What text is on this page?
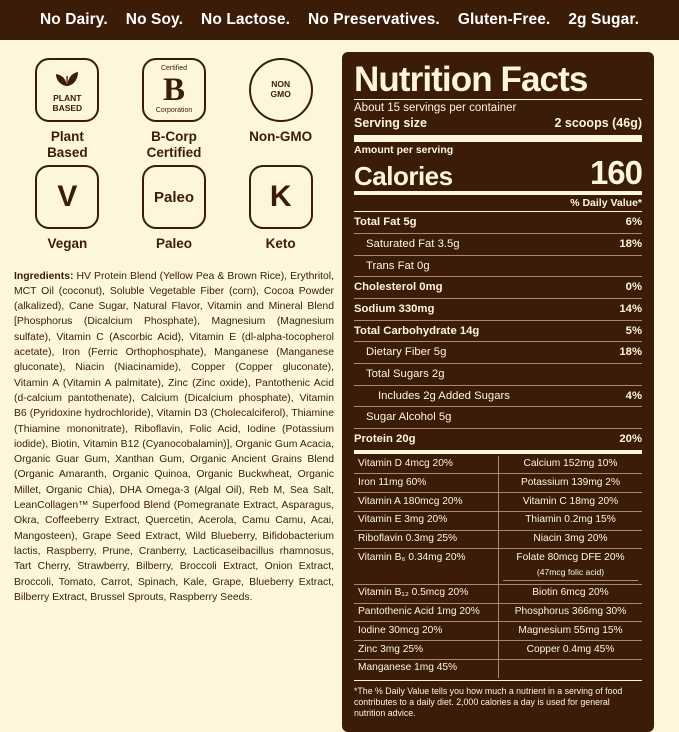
No Dairy. No Soy. No Lactose. No Preservatives. Gluten-Free. 2g Sugar.
PLANT
BASED
Plant
Based
Certified
B
Corporation
B-Corp
Certified
NON
GMO
Non-GMO
V
Vegan
Paleo
Paleo
K
Keto
Ingredients: HV Protein Blend (Yellow Pea & Brown Rice), Erythritol, MCT Oil (coconut), Soluble Vegetable Fiber (corn), Cocoa Powder (alkalized), Cane Sugar, Natural Flavor, Vitamin and Mineral Blend [Phosphorus (Dicalcium Phosphate), Magnesium (Magnesium sulfate), Vitamin C (Ascorbic Acid), Vitamin E (dl-alpha-tocopherol acetate), Iron (Ferric Orthophosphate), Manganese (Manganese gluconate), Niacin (Niacinamide), Copper (Copper gluconate), Vitamin A (Vitamin A palmitate), Zinc (Zinc oxide), Pantothenic Acid (d-calcium pantothenate), Calcium (Dicalcium phosphate), Vitamin B6 (Pyridoxine hydrochloride), Vitamin D3 (Cholecalciferol), Thiamine (Thiamine mononitrate), Riboflavin, Folic Acid, Iodine (Potassium iodide), Biotin, Vitamin B12 (Cyanocobalamin)], Organic Gum Acacia, Organic Guar Gum, Xanthan Gum, Organic Ancient Grains Blend (Organic Amaranth, Organic Quinoa, Organic Buckwheat, Organic Millet, Organic Chia), DHA Omega-3 (Algal Oil), Reb M, Sea Salt, LeanCollagen™ Superfood Blend (Pomegranate Extract, Asparagus, Okra, Coffeeberry Extract, Quercetin, Acerola, Camu Camu, Acai, Mangosteen), Grape Seed Extract, Wild Blueberry, Bifidobacterium lactis, Raspberry, Prune, Cranberry, Lacticaseibacillus rhamnosus, Tart Cherry, Strawberry, Bilberry, Broccoli Extract, Onion Extract, Broccoli, Tomato, Carrot, Spinach, Kale, Grape, Blueberry Extract, Bilberry Extract, Brussel Sprouts, Raspberry Seeds.
Nutrition Facts
About 15 servings per container
Serving size	2 scoops (46g)
Amount per serving
Calories	160
% Daily Value*
Total Fat 5g	6%
Saturated Fat 3.5g	18%
Trans Fat 0g
Cholesterol 0mg	0%
Sodium 330mg	14%
Total Carbohydrate 14g	5%
Dietary Fiber 5g	18%
Total Sugars 2g
Includes 2g Added Sugars	4%
Sugar Alcohol 5g
Protein 20g	20%
Vitamin D 4mcg 20%	Calcium 152mg 10%
Iron 11mg 60%	Potassium 139mg 2%
Vitamin A 180mcg 20%	Vitamin C 18mg 20%
Vitamin E 3mg 20%	Thiamin 0.2mg 15%
Riboflavin 0.3mg 25%	Niacin 3mg 20%
Vitamin B₆ 0.34mg 20%	Folate 80mcg DFE 20%
(47mcg folic acid)
Vitamin B₁₂ 0.5mcg 20%	Biotin 6mcg 20%
Pantothenic Acid 1mg 20%	Phosphorus 366mg 30%
Iodine 30mcg 20%	Magnesium 55mg 15%
Zinc 3mg 25%	Copper 0.4mg 45%
Manganese 1mg 45%
*The % Daily Value tells you how much a nutrient in a serving of food contributes to a daily diet. 2,000 calories a day is used for general nutrition advice.
